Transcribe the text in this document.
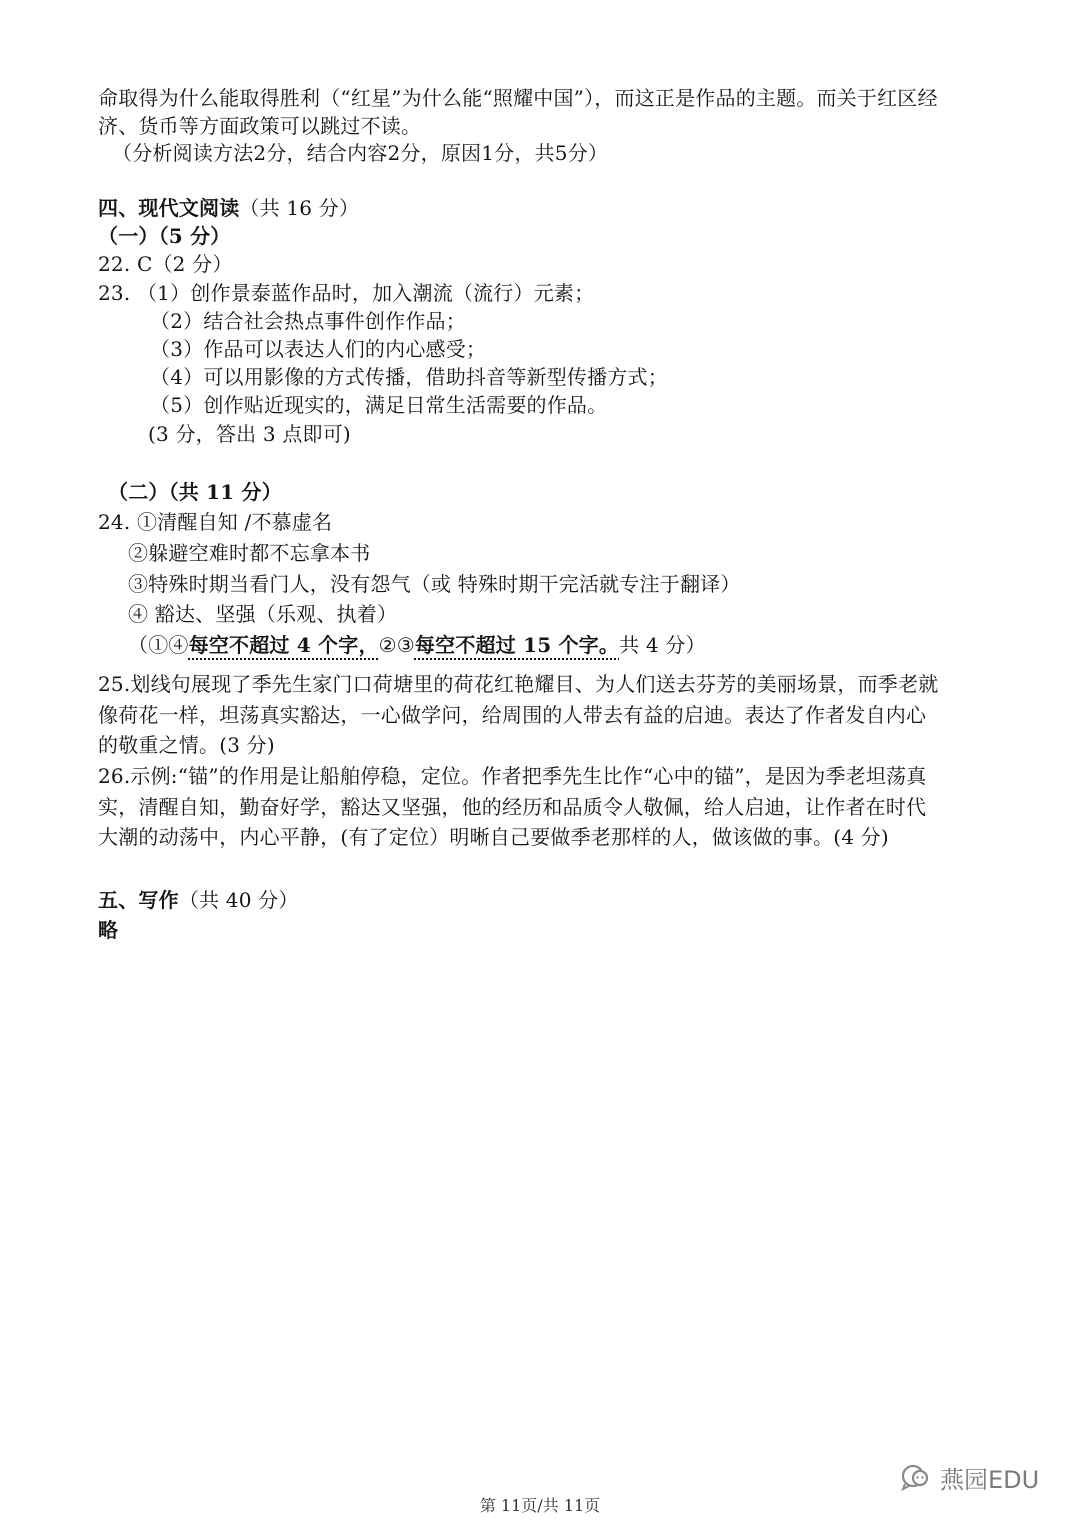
命取得为什么能取得胜利（“红星”为什么能“照耀中国”），而这正是作品的主题。而关于红区经
济、货币等方面政策可以跳过不读。
（分析阅读方法2分，结合内容2分，原因1分，共5分）
四、现代文阅读（共 16 分）
（一）（5 分）
22. C（2 分）
23. （1）创作景泰蓝作品时，加入潮流（流行）元素；
（2）结合社会热点事件创作作品；
（3）作品可以表达人们的内心感受；
（4）可以用影像的方式传播，借助抖音等新型传播方式；
（5）创作贴近现实的，满足日常生活需要的作品。
(3 分，答出 3 点即可)
（二）（共 11 分）
24. ①清醒自知 /不慕虚名
②躲避空难时都不忘拿本书
③特殊时期当看门人，没有怨气（或 特殊时期干完活就专注于翻译）
④ 豁达、坚强（乐观、执着）
（①④每空不超过 4 个字，②③每空不超过 15 个字。共 4 分）
25.划线句展现了季先生家门口荷塘里的荷花红艳耀目、为人们送去芬芳的美丽场景，而季老就
像荷花一样，坦荡真实豁达，一心做学问，给周围的人带去有益的启迪。表达了作者发自内心
的敬重之情。(3 分)
26.示例:“锚”的作用是让船舶停稳，定位。作者把季先生比作“心中的锚”，是因为季老坦荡真
实，清醒自知，勤奋好学，豁达又坚强，他的经历和品质令人敬佩，给人启迪，让作者在时代
大潮的动荡中，内心平静，(有了定位）明晰自己要做季老那样的人，做该做的事。(4 分)
五、写作（共 40 分）
略
燕园EDU
第 11页/共 11页
